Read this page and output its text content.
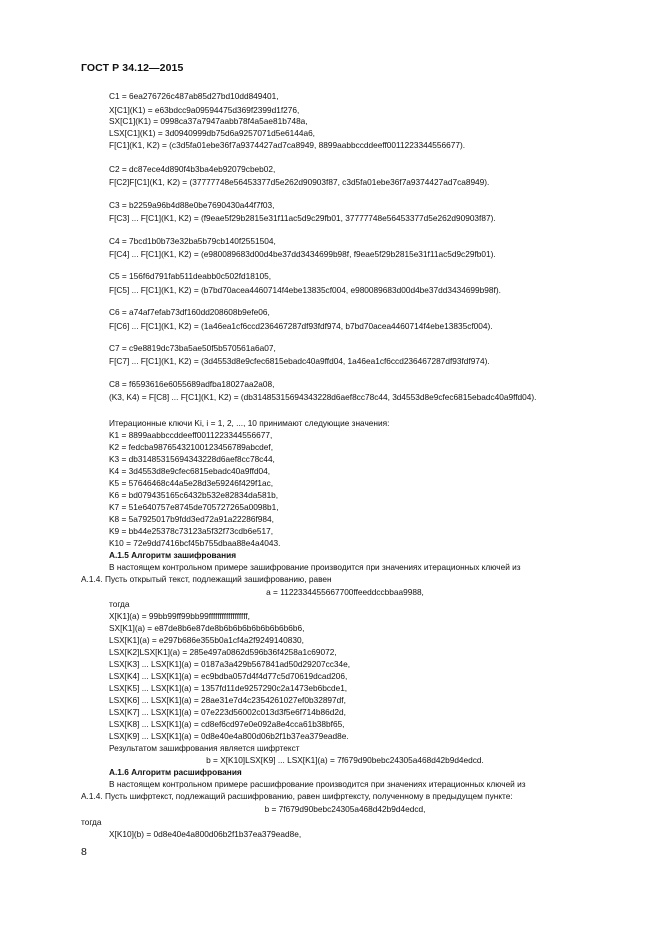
ГОСТ Р 34.12—2015
C1 = 6ea276726c487ab85d27bd10dd849401,
X[C1](K1) = e63bdcc9a09594475d369f2399d1f276,
SX[C1](K1) = 0998ca37a7947aabb78f4a5ae81b748a,
LSX[C1](K1) = 3d0940999db75d6a9257071d5e6144a6,
F[C1](K1, K2) = (c3d5fa01ebe36f7a9374427ad7ca8949, 8899aabbccddeeff0011223344556677).
C2 = dc87ece4d890f4b3ba4eb92079cbeb02,
F[C2]F[C1](K1, K2) = (37777748e56453377d5e262d90903f87, c3d5fa01ebe36f7a9374427ad7ca8949).
C3 = b2259a96b4d88e0be7690430a44f7f03,
F[C3] ... F[C1](K1, K2) = (f9eae5f29b2815e31f11ac5d9c29fb01, 37777748e56453377d5e262d90903f87).
C4 = 7bcd1b0b73e32ba5b79cb140f2551504,
F[C4] ... F[C1](K1, K2) = (e980089683d00d4be37dd3434699b98f, f9eae5f29b2815e31f11ac5d9c29fb01).
C5 = 156f6d791fab511deabb0c502fd18105,
F[C5] ... F[C1](K1, K2) = (b7bd70acea4460714f4ebe13835cf004, e980089683d00d4be37dd3434699b98f).
C6 = a74af7efab73df160dd208608b9efe06,
F[C6] ... F[C1](K1, K2) = (1a46ea1cf6ccd236467287df93fdf974, b7bd70acea4460714f4ebe13835cf004).
C7 = c9e8819dc73ba5ae50f5b570561a6a07,
F[C7] ... F[C1](K1, K2) = (3d4553d8e9cfec6815ebadc40a9ffd04, 1a46ea1cf6ccd236467287df93fdf974).
C8 = f6593616e6055689adfba18027aa2a08,
(K3, K4) = F[C8] ... F[C1](K1, K2) = (db31485315694343228d6aef8cc78c44, 3d4553d8e9cfec6815ebadc40a9ffd04).
Итерационные ключи Ki, i = 1, 2, ..., 10 принимают следующие значения:
K1 = 8899aabbccddeeff0011223344556677,
K2 = fedcba98765432100123456789abcdef,
K3 = db31485315694343228d6aef8cc78c44,
K4 = 3d4553d8e9cfec6815ebadc40a9ffd04,
K5 = 57646468c44a5e28d3e59246f429f1ac,
K6 = bd079435165c6432b532e82834da581b,
K7 = 51e640757e8745de705727265a0098b1,
K8 = 5a7925017b9fdd3ed72a91a22286f984,
K9 = bb44e25378c73123a5f32f73cdb6e517,
K10 = 72e9dd7416bcf45b755dbaa88e4a4043.
А.1.5 Алгоритм зашифрования
В настоящем контрольном примере зашифрование производится при значениях итерационных ключей из
А.1.4. Пусть открытый текст, подлежащий зашифрованию, равен
a = 1122334455667700ffeeddccbbaa9988,
тогда
X[K1](a) = 99bb99ff99bb99ffffffffffffffffff,
SX[K1](a) = e87de8b6e87de8b6b6b6b6b6b6b6b6b6,
LSX[K1](a) = e297b686e355b0a1cf4a2f9249140830,
LSX[K2]LSX[K1](a) = 285e497a0862d596b36f4258a1c69072,
LSX[K3] ... LSX[K1](a) = 0187a3a429b567841ad50d29207cc34e,
LSX[K4] ... LSX[K1](a) = ec9bdba057d4f4d77c5d70619dcad206,
LSX[K5] ... LSX[K1](a) = 1357fd11de9257290c2a1473eb6bcde1,
LSX[K6] ... LSX[K1](a) = 28ae31e7d4c2354261027ef0b32897df,
LSX[K7] ... LSX[K1](a) = 07e223d56002c013d3f5e6f714b86d2d,
LSX[K8] ... LSX[K1](a) = cd8ef6cd97e0e092a8e4cca61b38bf65,
LSX[K9] ... LSX[K1](a) = 0d8e40e4a800d06b2f1b37ea379ead8e.
Результатом зашифрования является шифртекст
b = X[K10]LSX[K9] ... LSX[K1](a) = 7f679d90bebc24305a468d42b9d4edcd.
А.1.6 Алгоритм расшифрования
В настоящем контрольном примере расшифрование производится при значениях итерационных ключей из
А.1.4. Пусть шифртекст, подлежащий расшифрованию, равен шифртексту, полученному в предыдущем пункте:
b = 7f679d90bebc24305a468d42b9d4edcd,
тогда
X[K10](b) = 0d8e40e4a800d06b2f1b37ea379ead8e,
8
